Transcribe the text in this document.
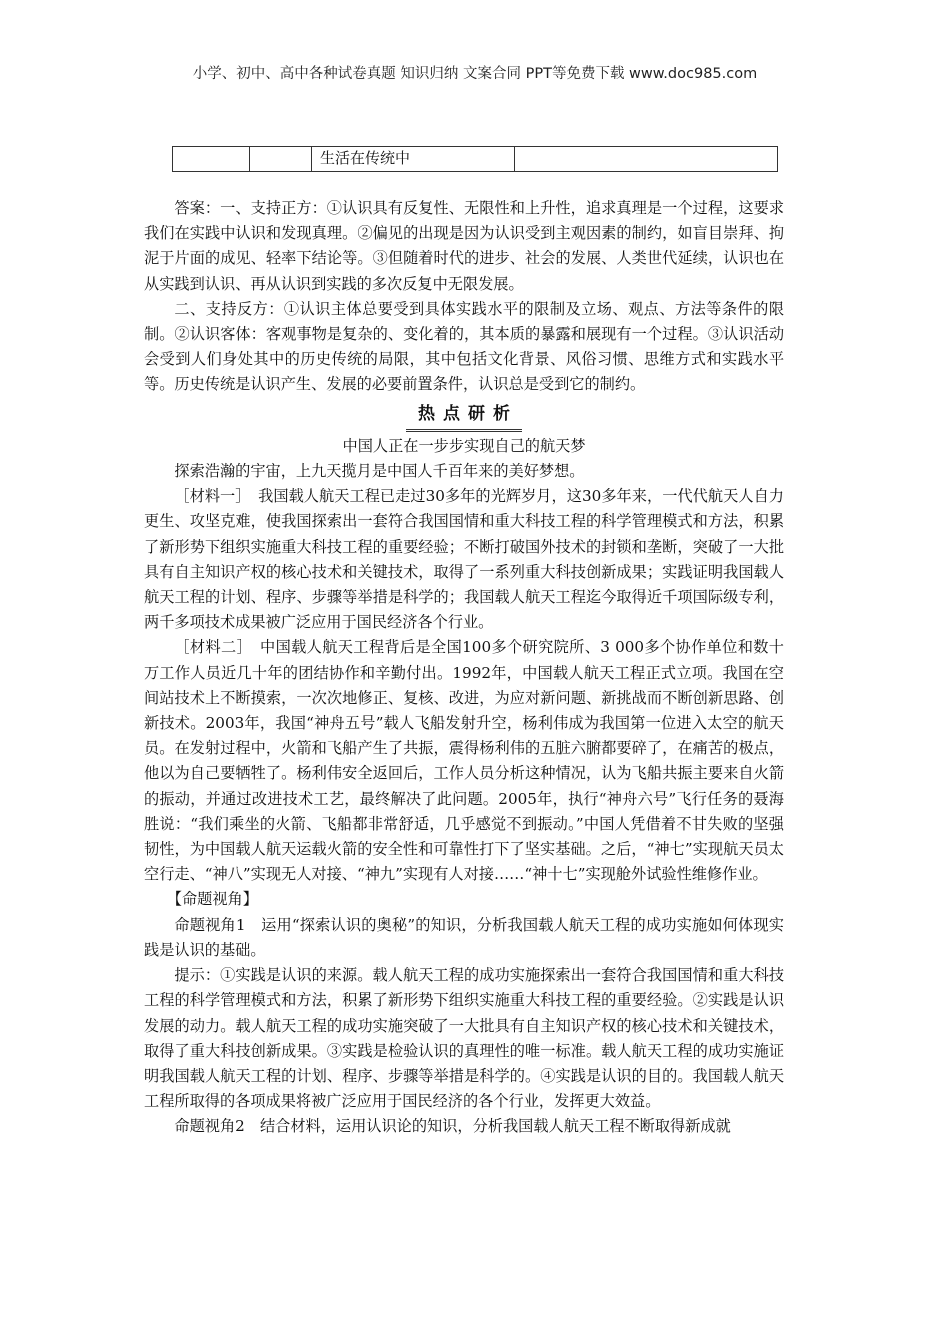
小学、初中、高中各种试卷真题 知识归纳 文案合同 PPT等免费下载 www.doc985.com
生活在传统中

答案：一、支持正方：①认识具有反复性、无限性和上升性，追求真理是一个过程，这要求我们在实践中认识和发现真理。②偏见的出现是因为认识受到主观因素的制约，如盲目崇拜、拘泥于片面的成见、轻率下结论等。③但随着时代的进步、社会的发展、人类世代延续，认识也在从实践到认识、再从认识到实践的多次反复中无限发展。

二、支持反方：①认识主体总要受到具体实践水平的限制及立场、观点、方法等条件的限制。②认识客体：客观事物是复杂的、变化着的，其本质的暴露和展现有一个过程。③认识活动会受到人们身处其中的历史传统的局限，其中包括文化背景、风俗习惯、思维方式和实践水平等。历史传统是认识产生、发展的必要前置条件，认识总是受到它的制约。

热点研析

中国人正在一步步实现自己的航天梦

探索浩瀚的宇宙，上九天揽月是中国人千百年来的美好梦想。

［材料一］　我国载人航天工程已走过30多年的光辉岁月，这30多年来，一代代航天人自力更生、攻坚克难，使我国探索出一套符合我国国情和重大科技工程的科学管理模式和方法，积累了新形势下组织实施重大科技工程的重要经验；不断打破国外技术的封锁和垄断，突破了一大批具有自主知识产权的核心技术和关键技术，取得了一系列重大科技创新成果；实践证明我国载人航天工程的计划、程序、步骤等举措是科学的；我国载人航天工程迄今取得近千项国际级专利，两千多项技术成果被广泛应用于国民经济各个行业。

［材料二］　中国载人航天工程背后是全国100多个研究院所、3 000多个协作单位和数十万工作人员近几十年的团结协作和辛勤付出。1992年，中国载人航天工程正式立项。我国在空间站技术上不断摸索，一次次地修正、复核、改进，为应对新问题、新挑战而不断创新思路、创新技术。2003年，我国“神舟五号”载人飞船发射升空，杨利伟成为我国第一位进入太空的航天员。在发射过程中，火箭和飞船产生了共振，震得杨利伟的五脏六腑都要碎了，在痛苦的极点，他以为自己要牺牲了。杨利伟安全返回后，工作人员分析这种情况，认为飞船共振主要来自火箭的振动，并通过改进技术工艺，最终解决了此问题。2005年，执行“神舟六号”飞行任务的聂海胜说：“我们乘坐的火箭、飞船都非常舒适，几乎感觉不到振动。”中国人凭借着不甘失败的坚强韧性，为中国载人航天运载火箭的安全性和可靠性打下了坚实基础。之后，“神七”实现航天员太空行走、“神八”实现无人对接、“神九”实现有人对接……“神十七”实现舱外试验性维修作业。

【命题视角】

命题视角1　运用“探索认识的奥秘”的知识，分析我国载人航天工程的成功实施如何体现实践是认识的基础。

提示：①实践是认识的来源。载人航天工程的成功实施探索出一套符合我国国情和重大科技工程的科学管理模式和方法，积累了新形势下组织实施重大科技工程的重要经验。②实践是认识发展的动力。载人航天工程的成功实施突破了一大批具有自主知识产权的核心技术和关键技术，取得了重大科技创新成果。③实践是检验认识的真理性的唯一标准。载人航天工程的成功实施证明我国载人航天工程的计划、程序、步骤等举措是科学的。④实践是认识的目的。我国载人航天工程所取得的各项成果将被广泛应用于国民经济的各个行业，发挥更大效益。

命题视角2　结合材料，运用认识论的知识，分析我国载人航天工程不断取得新成就
